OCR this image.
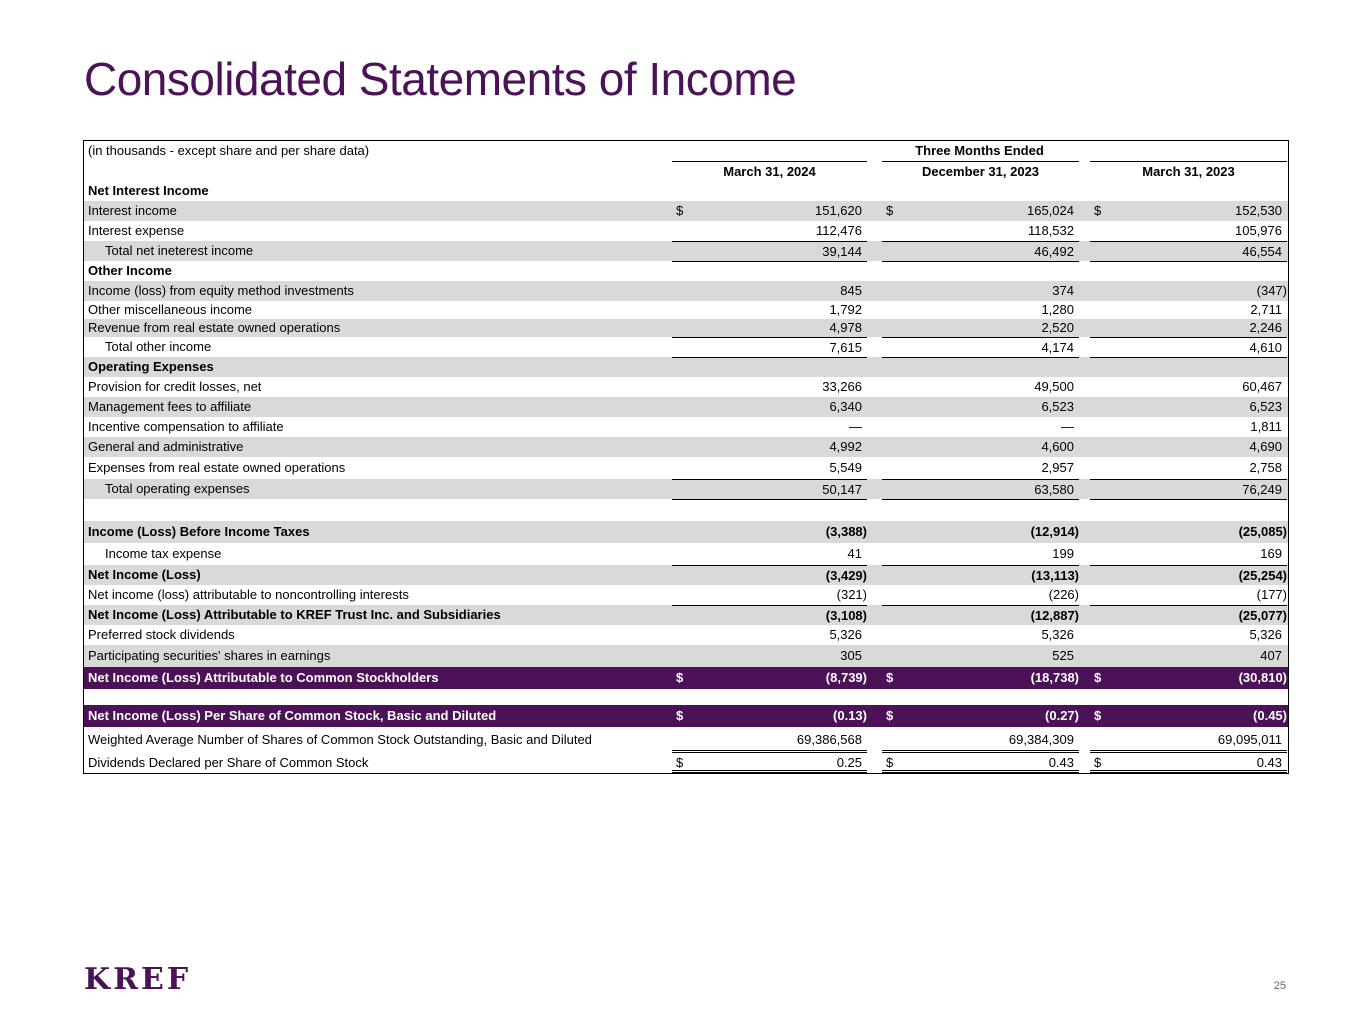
Consolidated Statements of Income
(in thousands - except share and per share data)	Three Months Ended
March 31, 2024	December 31, 2023	March 31, 2023
Net Interest Income
Interest income	$	151,620 $	165,024 $	152,530
Interest expense	112,476	118,532	105,976
Total net ineterest income	39,144	46,492	46,554
Other Income
Income (loss) from equity method investments	845	374	(347)
Other miscellaneous income	1,792	1,280	2,711
Revenue from real estate owned operations	4,978	2,520	2,246
Total other income	7,615	4,174	4,610
Operating Expenses
Provision for credit losses, net	33,266	49,500	60,467
Management fees to affiliate	6,340	6,523	6,523
Incentive compensation to affiliate	—	—	1,811
General and administrative	4,992	4,600	4,690
Expenses from real estate owned operations	5,549	2,957	2,758
Total operating expenses	50,147	63,580	76,249
Income (Loss) Before Income Taxes	(3,388)	(12,914)	(25,085)
Income tax expense	41	199	169
Net Income (Loss)	(3,429)	(13,113)	(25,254)
Net income (loss) attributable to noncontrolling interests	(321)	(226)	(177)
Net Income (Loss) Attributable to KREF Trust Inc. and Subsidiaries	(3,108)	(12,887)	(25,077)
Preferred stock dividends	5,326	5,326	5,326
Participating securities' shares in earnings	305	525	407
Net Income (Loss) Attributable to Common Stockholders	$	(8,739) $	(18,738) $	(30,810)
Net Income (Loss) Per Share of Common Stock, Basic and Diluted	$	(0.13) $	(0.27) $	(0.45)
Weighted Average Number of Shares of Common Stock Outstanding, Basic and Diluted	69,386,568	69,384,309	69,095,011
Dividends Declared per Share of Common Stock	$	0.25 $	0.43 $	0.43
KREF	25
